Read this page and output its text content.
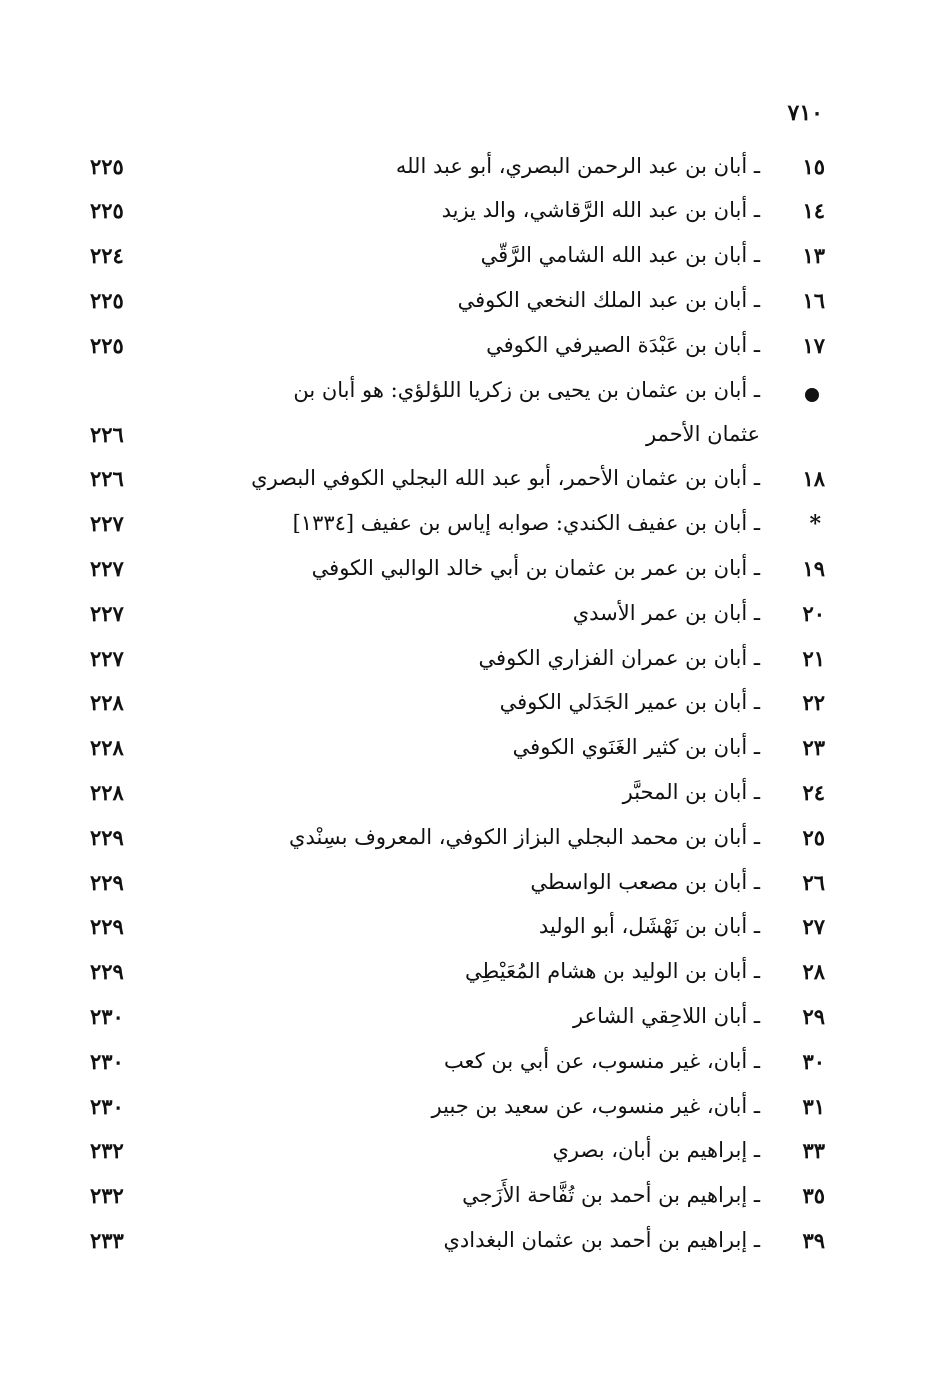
٧١٠
١٥
ـ أبان بن عبد الرحمن البصري، أبو عبد الله
٢٢٥
١٤
ـ أبان بن عبد الله الرَّقاشي، والد يزيد
٢٢٥
١٣
ـ أبان بن عبد الله الشامي الرَّقّي
٢٢٤
١٦
ـ أبان بن عبد الملك النخعي الكوفي
٢٢٥
١٧
ـ أبان بن عَبْدَة الصيرفي الكوفي
٢٢٥
ـ أبان بن عثمان بن يحيى بن زكريا اللؤلؤي: هو أبان بن
عثمان الأحمر
٢٢٦
١٨
ـ أبان بن عثمان الأحمر، أبو عبد الله البجلي الكوفي البصري
٢٢٦
*
ـ أبان بن عفيف الكندي: صوابه إياس بن عفيف [١٣٣٤]
٢٢٧
١٩
ـ أبان بن عمر بن عثمان بن أبي خالد الوالبي الكوفي
٢٢٧
٢٠
ـ أبان بن عمر الأسدي
٢٢٧
٢١
ـ أبان بن عمران الفزاري الكوفي
٢٢٧
٢٢
ـ أبان بن عمير الجَدَلي الكوفي
٢٢٨
٢٣
ـ أبان بن كثير الغَنَوي الكوفي
٢٢٨
٢٤
ـ أبان بن المحبَّر
٢٢٨
٢٥
ـ أبان بن محمد البجلي البزاز الكوفي، المعروف بسِنْدي
٢٢٩
٢٦
ـ أبان بن مصعب الواسطي
٢٢٩
٢٧
ـ أبان بن نَهْشَل، أبو الوليد
٢٢٩
٢٨
ـ أبان بن الوليد بن هشام المُعَيْطِي
٢٢٩
٢٩
ـ أبان اللاحِقي الشاعر
٢٣٠
٣٠
ـ أبان، غير منسوب، عن أبي بن كعب
٢٣٠
٣١
ـ أبان، غير منسوب، عن سعيد بن جبير
٢٣٠
٣٣
ـ إبراهيم بن أبان، بصري
٢٣٢
٣٥
ـ إبراهيم بن أحمد بن تُفَّاحة الأَزَجي
٢٣٢
٣٩
ـ إبراهيم بن أحمد بن عثمان البغدادي
٢٣٣
